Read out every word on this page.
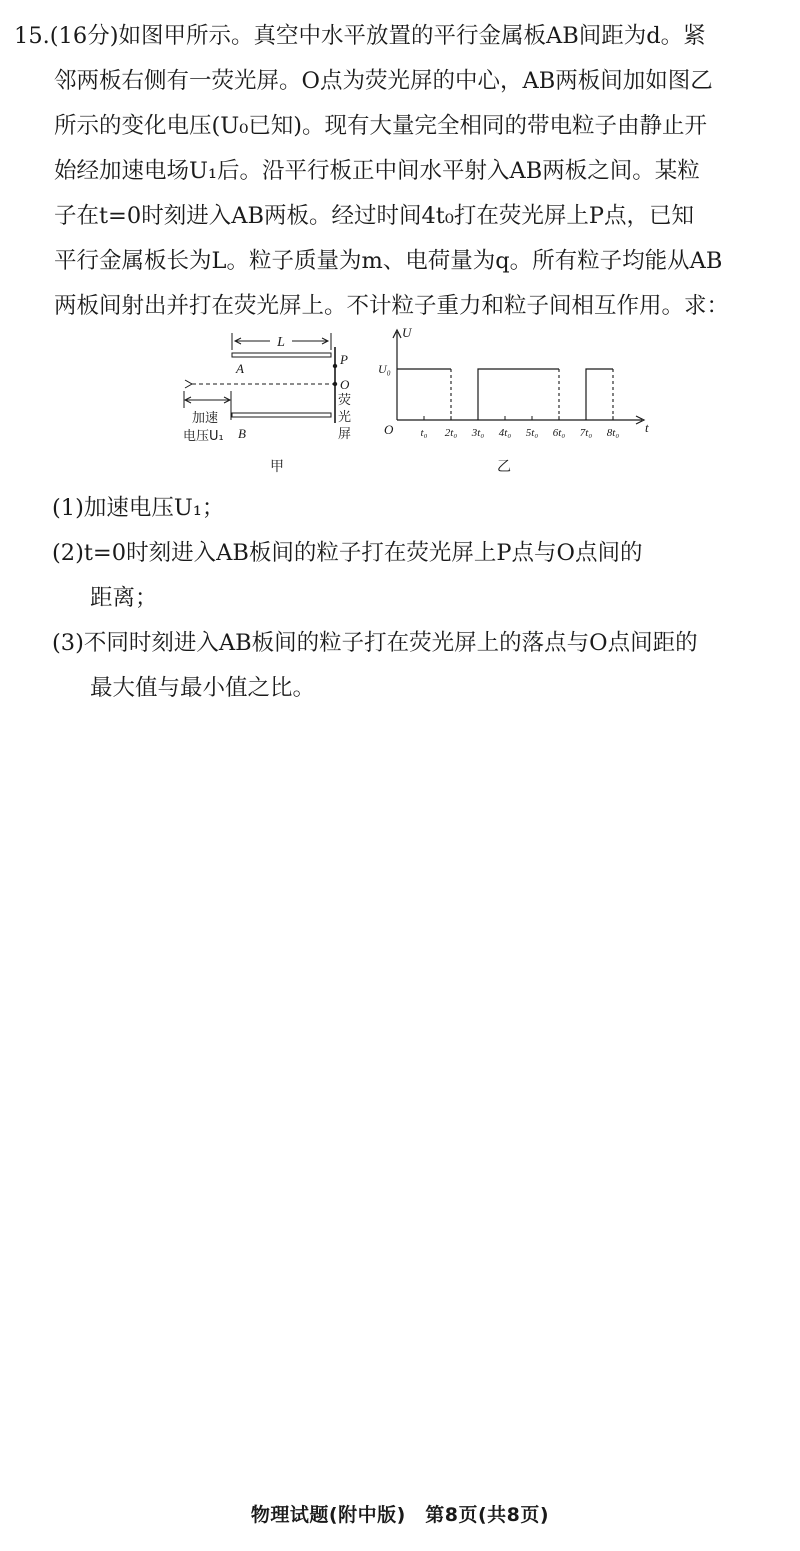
15.(16分)如图甲所示。真空中水平放置的平行金属板AB间距为d。紧
邻两板右侧有一荧光屏。O点为荧光屏的中心，AB两板间加如图乙
所示的变化电压(U₀已知)。现有大量完全相同的带电粒子由静止开
始经加速电场U₁后。沿平行板正中间水平射入AB两板之间。某粒
子在t=0时刻进入AB两板。经过时间4t₀打在荧光屏上P点，已知
平行金属板长为L。粒子质量为m、电荷量为q。所有粒子均能从AB
两板间射出并打在荧光屏上。不计粒子重力和粒子间相互作用。求：
L
A
B
P
O
荧
光
屏
加速
电压U₁
甲
t₀ 2t₀ 3t₀ 4t₀ 5t₀ 6t₀ 7t₀ 8t₀
U
t
O
U₀
乙
(1)加速电压U₁；
(2)t=0时刻进入AB板间的粒子打在荧光屏上P点与O点间的
距离；
(3)不同时刻进入AB板间的粒子打在荧光屏上的落点与O点间距的
最大值与最小值之比。
物理试题(附中版)　第8页(共8页)
